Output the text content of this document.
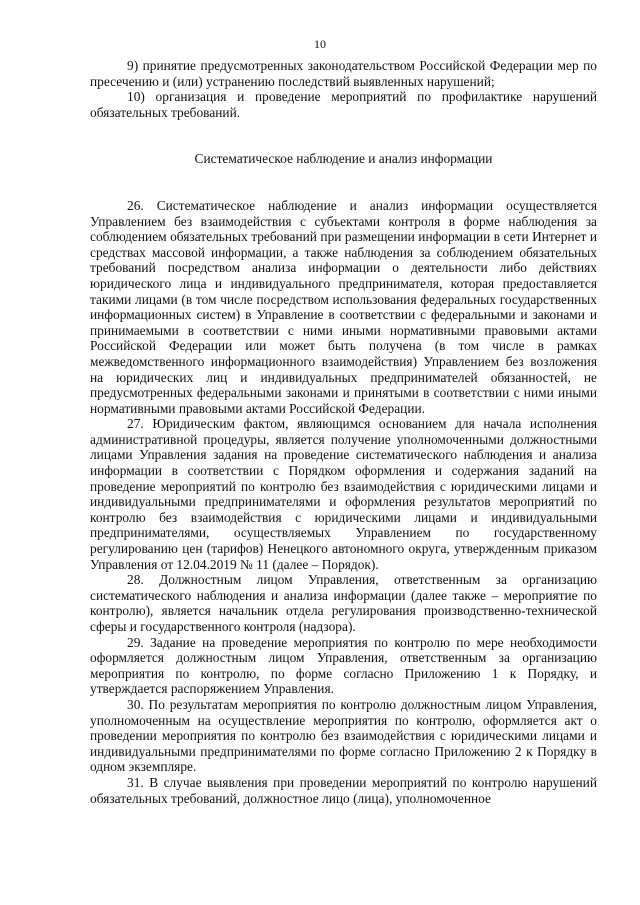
10

9) принятие предусмотренных законодательством Российской Федерации мер по пресечению и (или) устранению последствий выявленных нарушений;

10) организация и проведение мероприятий по профилактике нарушений обязательных требований.

Систематическое наблюдение и анализ информации

26. Систематическое наблюдение и анализ информации осуществляется Управлением без взаимодействия с субъектами контроля в форме наблюдения за соблюдением обязательных требований при размещении информации в сети Интернет и средствах массовой информации, а также наблюдения за соблюдением обязательных требований посредством анализа информации о деятельности либо действиях юридического лица и индивидуального предпринимателя, которая предоставляется такими лицами (в том числе посредством использования федеральных государственных информационных систем) в Управление в соответствии с федеральными и законами и принимаемыми в соответствии с ними иными нормативными правовыми актами Российской Федерации или может быть получена (в том числе в рамках межведомственного информационного взаимодействия) Управлением без возложения на юридических лиц и индивидуальных предпринимателей обязанностей, не предусмотренных федеральными законами и принятыми в соответствии с ними иными нормативными правовыми актами Российской Федерации.

27. Юридическим фактом, являющимся основанием для начала исполнения административной процедуры, является получение уполномоченными должностными лицами Управления задания на проведение систематического наблюдения и анализа информации в соответствии с Порядком оформления и содержания заданий на проведение мероприятий по контролю без взаимодействия с юридическими лицами и индивидуальными предпринимателями и оформления результатов мероприятий по контролю без взаимодействия с юридическими лицами и индивидуальными предпринимателями, осуществляемых Управлением по государственному регулированию цен (тарифов) Ненецкого автономного округа, утвержденным приказом Управления от 12.04.2019 № 11 (далее – Порядок).

28. Должностным лицом Управления, ответственным за организацию систематического наблюдения и анализа информации (далее также – мероприятие по контролю), является начальник отдела регулирования производственно-технической сферы и государственного контроля (надзора).

29. Задание на проведение мероприятия по контролю по мере необходимости оформляется должностным лицом Управления, ответственным за организацию мероприятия по контролю, по форме согласно Приложению 1 к Порядку, и утверждается распоряжением Управления.

30. По результатам мероприятия по контролю должностным лицом Управления, уполномоченным на осуществление мероприятия по контролю, оформляется акт о проведении мероприятия по контролю без взаимодействия с юридическими лицами и индивидуальными предпринимателями по форме согласно Приложению 2 к Порядку в одном экземпляре.

31. В случае выявления при проведении мероприятий по контролю нарушений обязательных требований, должностное лицо (лица), уполномоченное
